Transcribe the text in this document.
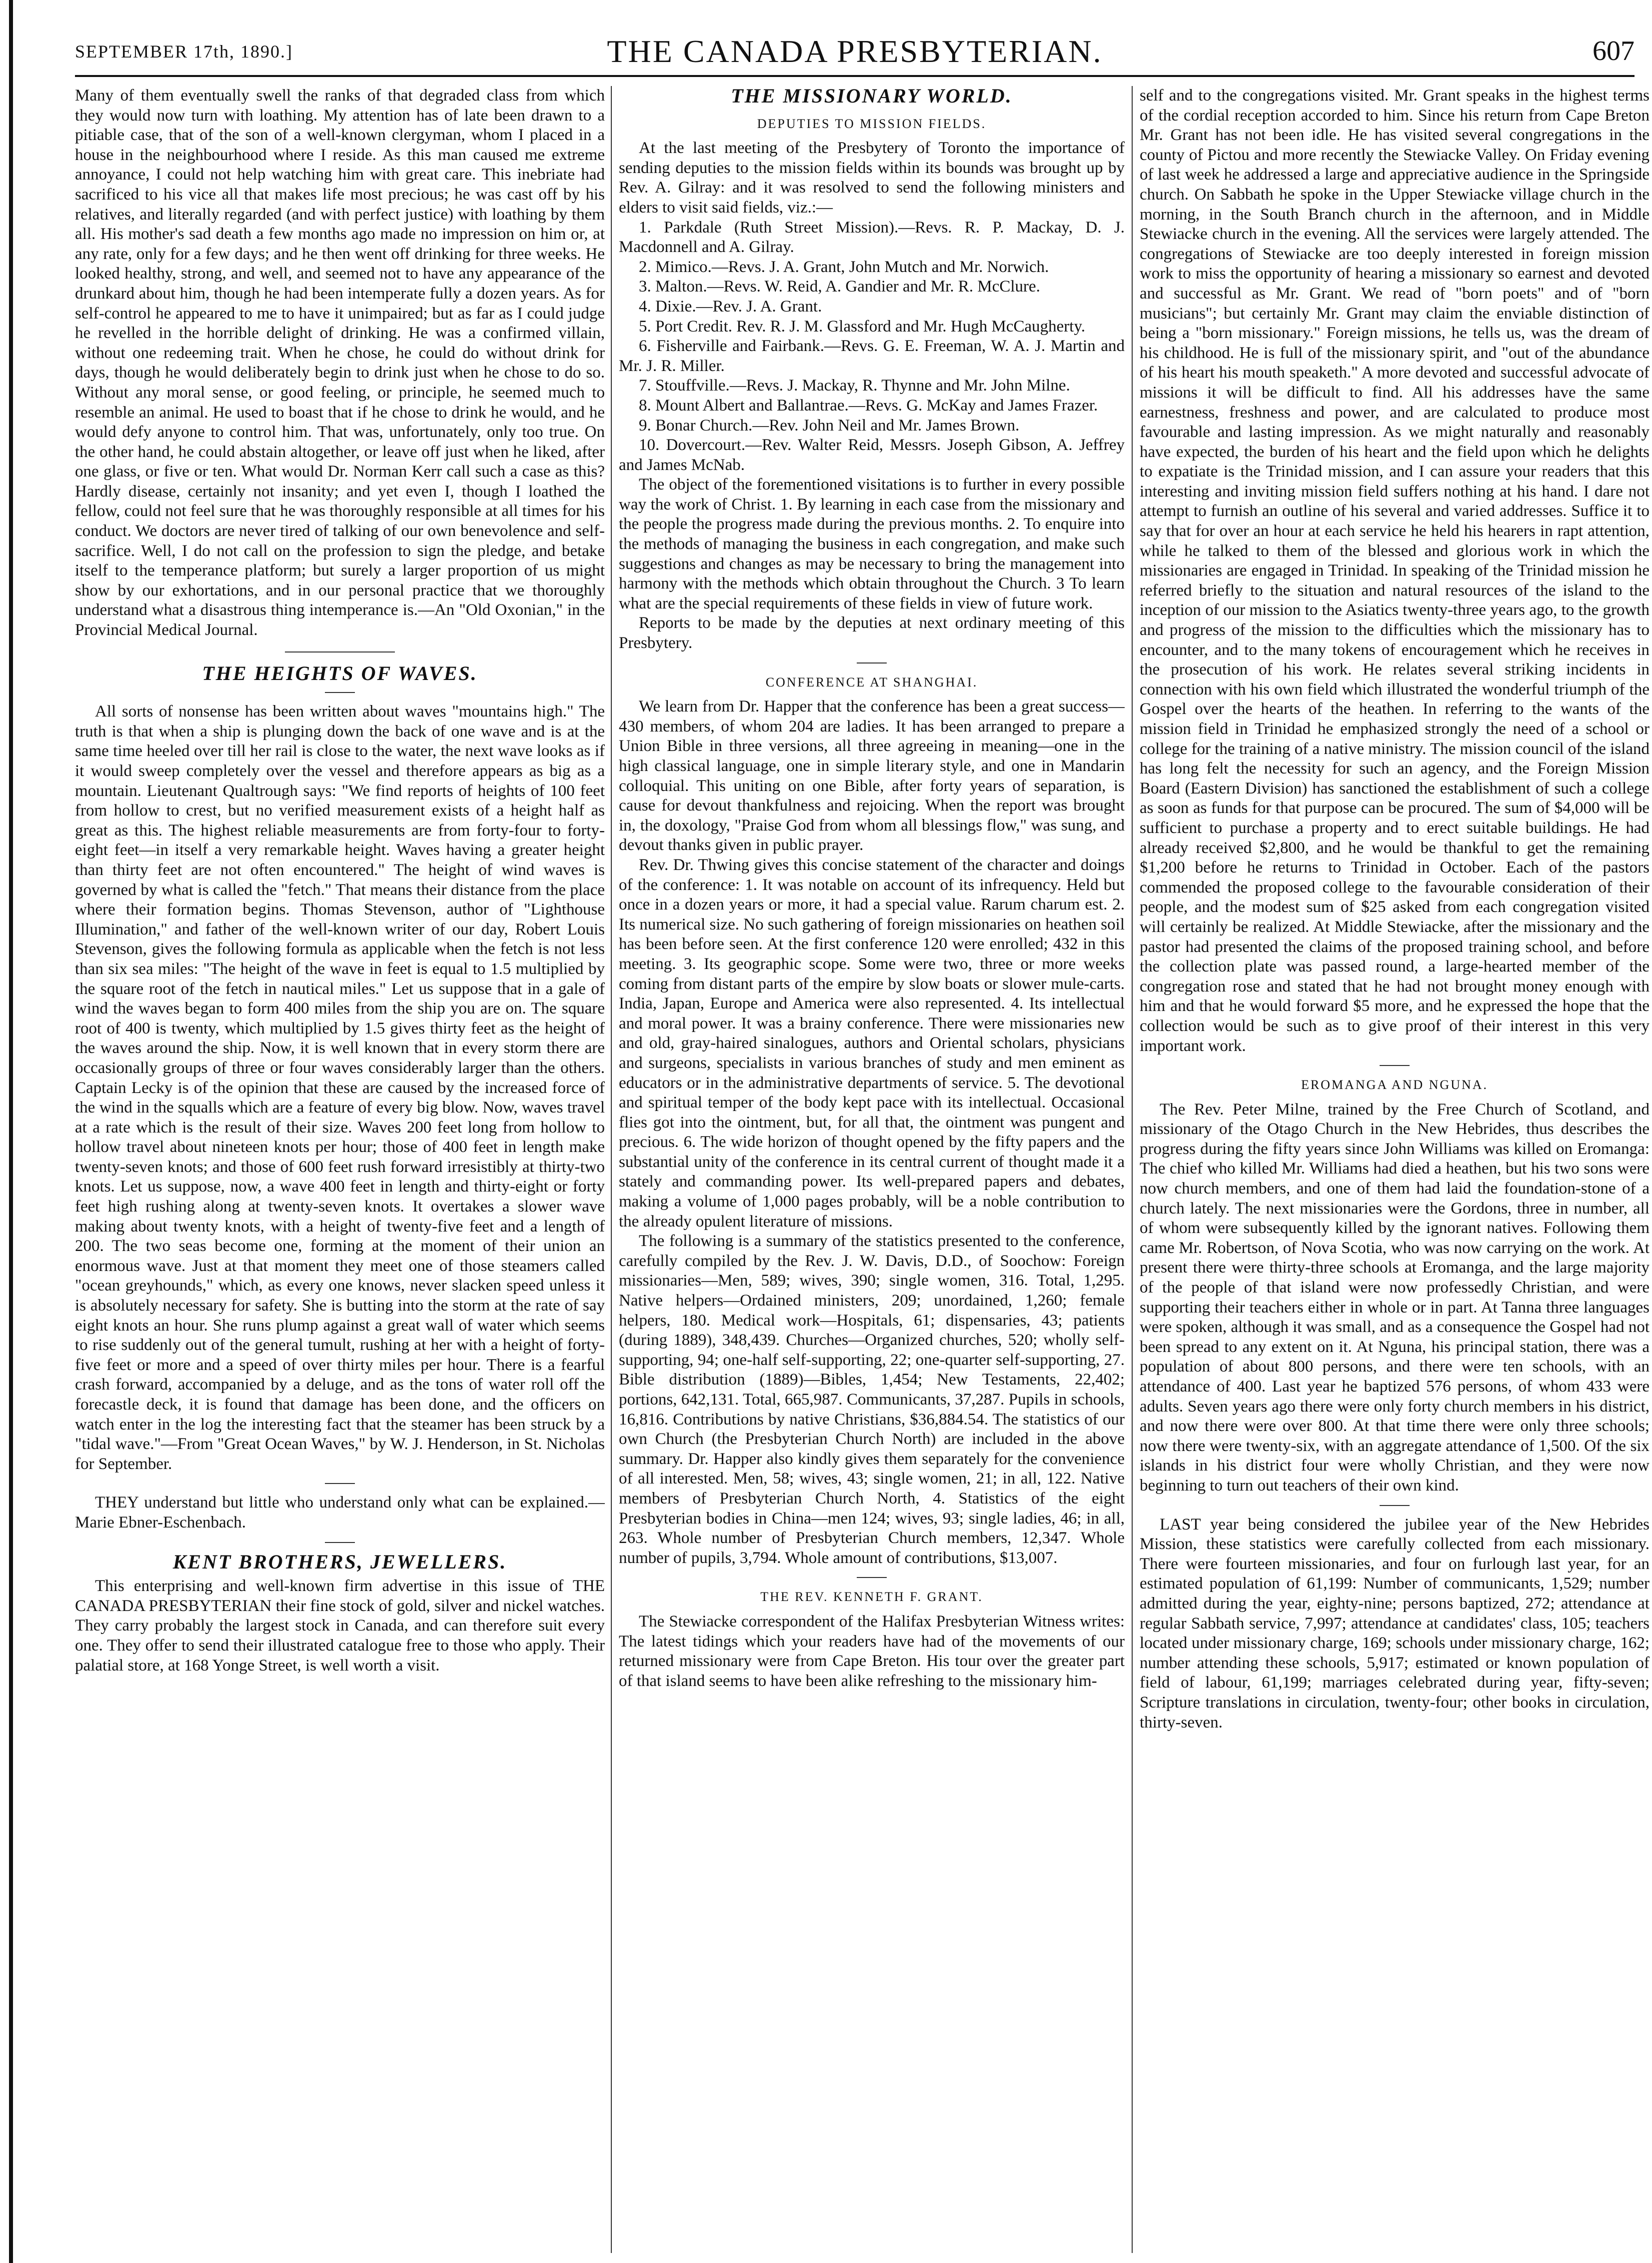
SEPTEMBER 17th, 1890.]	THE CANADA PRESBYTERIAN.	607

Many of them eventually swell the ranks of that degraded class from which they would now turn with loathing. My attention has of late been drawn to a pitiable case, that of the son of a well-known clergyman, whom I placed in a house in the neighbourhood where I reside. As this man caused me extreme annoyance, I could not help watching him with great care. This inebriate had sacrificed to his vice all that makes life most precious; he was cast off by his relatives, and literally regarded (and with perfect justice) with loathing by them all. His mother's sad death a few months ago made no impression on him or, at any rate, only for a few days; and he then went off drinking for three weeks. He looked healthy, strong, and well, and seemed not to have any appearance of the drunkard about him, though he had been intemperate fully a dozen years. As for self-control he appeared to me to have it unimpaired; but as far as I could judge he revelled in the horrible delight of drinking. He was a confirmed villain, without one redeeming trait. When he chose, he could do without drink for days, though he would deliberately begin to drink just when he chose to do so. Without any moral sense, or good feeling, or principle, he seemed much to resemble an animal. He used to boast that if he chose to drink he would, and he would defy anyone to control him. That was, unfortunately, only too true. On the other hand, he could abstain altogether, or leave off just when he liked, after one glass, or five or ten. What would Dr. Norman Kerr call such a case as this? Hardly disease, certainly not insanity; and yet even I, though I loathed the fellow, could not feel sure that he was thoroughly responsible at all times for his conduct. We doctors are never tired of talking of our own benevolence and self-sacrifice. Well, I do not call on the profession to sign the pledge, and betake itself to the temperance platform; but surely a larger proportion of us might show by our exhortations, and in our personal practice that we thoroughly understand what a disastrous thing intemperance is.—An "Old Oxonian," in the Provincial Medical Journal.

THE HEIGHTS OF WAVES.

All sorts of nonsense has been written about waves "mountains high." The truth is that when a ship is plunging down the back of one wave and is at the same time heeled over till her rail is close to the water, the next wave looks as if it would sweep completely over the vessel and therefore appears as big as a mountain. Lieutenant Qualtrough says: "We find reports of heights of 100 feet from hollow to crest, but no verified measurement exists of a height half as great as this. The highest reliable measurements are from forty-four to forty-eight feet—in itself a very remarkable height. Waves having a greater height than thirty feet are not often encountered." The height of wind waves is governed by what is called the "fetch." That means their distance from the place where their formation begins. Thomas Stevenson, author of "Lighthouse Illumination," and father of the well-known writer of our day, Robert Louis Stevenson, gives the following formula as applicable when the fetch is not less than six sea miles: "The height of the wave in feet is equal to 1.5 multiplied by the square root of the fetch in nautical miles." Let us suppose that in a gale of wind the waves began to form 400 miles from the ship you are on. The square root of 400 is twenty, which multiplied by 1.5 gives thirty feet as the height of the waves around the ship. Now, it is well known that in every storm there are occasionally groups of three or four waves considerably larger than the others. Captain Lecky is of the opinion that these are caused by the increased force of the wind in the squalls which are a feature of every big blow. Now, waves travel at a rate which is the result of their size. Waves 200 feet long from hollow to hollow travel about nineteen knots per hour; those of 400 feet in length make twenty-seven knots; and those of 600 feet rush forward irresistibly at thirty-two knots. Let us suppose, now, a wave 400 feet in length and thirty-eight or forty feet high rushing along at twenty-seven knots. It overtakes a slower wave making about twenty knots, with a height of twenty-five feet and a length of 200. The two seas become one, forming at the moment of their union an enormous wave. Just at that moment they meet one of those steamers called "ocean greyhounds," which, as every one knows, never slacken speed unless it is absolutely necessary for safety. She is butting into the storm at the rate of say eight knots an hour. She runs plump against a great wall of water which seems to rise suddenly out of the general tumult, rushing at her with a height of forty-five feet or more and a speed of over thirty miles per hour. There is a fearful crash forward, accompanied by a deluge, and as the tons of water roll off the forecastle deck, it is found that damage has been done, and the officers on watch enter in the log the interesting fact that the steamer has been struck by a "tidal wave."—From "Great Ocean Waves," by W. J. Henderson, in St. Nicholas for September.

THEY understand but little who understand only what can be explained.—Marie Ebner-Eschenbach.

KENT BROTHERS, JEWELLERS.

This enterprising and well-known firm advertise in this issue of THE CANADA PRESBYTERIAN their fine stock of gold, silver and nickel watches. They carry probably the largest stock in Canada, and can therefore suit every one. They offer to send their illustrated catalogue free to those who apply. Their palatial store, at 168 Yonge Street, is well worth a visit.

THE MISSIONARY WORLD.
DEPUTIES TO MISSION FIELDS.

At the last meeting of the Presbytery of Toronto the importance of sending deputies to the mission fields within its bounds was brought up by Rev. A. Gilray: and it was resolved to send the following ministers and elders to visit said fields, viz.:—

1. Parkdale (Ruth Street Mission).—Revs. R. P. Mackay, D. J. Macdonnell and A. Gilray.

2. Mimico.—Revs. J. A. Grant, John Mutch and Mr. Norwich.

3. Malton.—Revs. W. Reid, A. Gandier and Mr. R. McClure.

4. Dixie.—Rev. J. A. Grant.

5. Port Credit. Rev. R. J. M. Glassford and Mr. Hugh McCaugherty.

6. Fisherville and Fairbank.—Revs. G. E. Freeman, W. A. J. Martin and Mr. J. R. Miller.

7. Stouffville.—Revs. J. Mackay, R. Thynne and Mr. John Milne.

8. Mount Albert and Ballantrae.—Revs. G. McKay and James Frazer.

9. Bonar Church.—Rev. John Neil and Mr. James Brown.

10. Dovercourt.—Rev. Walter Reid, Messrs. Joseph Gibson, A. Jeffrey and James McNab.

The object of the forementioned visitations is to further in every possible way the work of Christ. 1. By learning in each case from the missionary and the people the progress made during the previous months. 2. To enquire into the methods of managing the business in each congregation, and make such suggestions and changes as may be necessary to bring the management into harmony with the methods which obtain throughout the Church. 3 To learn what are the special requirements of these fields in view of future work.

Reports to be made by the deputies at next ordinary meeting of this Presbytery.

CONFERENCE AT SHANGHAI.

We learn from Dr. Happer that the conference has been a great success—430 members, of whom 204 are ladies. It has been arranged to prepare a Union Bible in three versions, all three agreeing in meaning—one in the high classical language, one in simple literary style, and one in Mandarin colloquial. This uniting on one Bible, after forty years of separation, is cause for devout thankfulness and rejoicing. When the report was brought in, the doxology, "Praise God from whom all blessings flow," was sung, and devout thanks given in public prayer.

Rev. Dr. Thwing gives this concise statement of the character and doings of the conference: 1. It was notable on account of its infrequency. Held but once in a dozen years or more, it had a special value. Rarum charum est. 2. Its numerical size. No such gathering of foreign missionaries on heathen soil has been before seen. At the first conference 120 were enrolled; 432 in this meeting. 3. Its geographic scope. Some were two, three or more weeks coming from distant parts of the empire by slow boats or slower mule-carts. India, Japan, Europe and America were also represented. 4. Its intellectual and moral power. It was a brainy conference. There were missionaries new and old, gray-haired sinalogues, authors and Oriental scholars, physicians and surgeons, specialists in various branches of study and men eminent as educators or in the administrative departments of service. 5. The devotional and spiritual temper of the body kept pace with its intellectual. Occasional flies got into the ointment, but, for all that, the ointment was pungent and precious. 6. The wide horizon of thought opened by the fifty papers and the substantial unity of the conference in its central current of thought made it a stately and commanding power. Its well-prepared papers and debates, making a volume of 1,000 pages probably, will be a noble contribution to the already opulent literature of missions.

The following is a summary of the statistics presented to the conference, carefully compiled by the Rev. J. W. Davis, D.D., of Soochow: Foreign missionaries—Men, 589; wives, 390; single women, 316. Total, 1,295. Native helpers—Ordained ministers, 209; unordained, 1,260; female helpers, 180. Medical work—Hospitals, 61; dispensaries, 43; patients (during 1889), 348,439. Churches—Organized churches, 520; wholly self-supporting, 94; one-half self-supporting, 22; one-quarter self-supporting, 27. Bible distribution (1889)—Bibles, 1,454; New Testaments, 22,402; portions, 642,131. Total, 665,987. Communicants, 37,287. Pupils in schools, 16,816. Contributions by native Christians, $36,884.54. The statistics of our own Church (the Presbyterian Church North) are included in the above summary. Dr. Happer also kindly gives them separately for the convenience of all interested. Men, 58; wives, 43; single women, 21; in all, 122. Native members of Presbyterian Church North, 4. Statistics of the eight Presbyterian bodies in China—men 124; wives, 93; single ladies, 46; in all, 263. Whole number of Presbyterian Church members, 12,347. Whole number of pupils, 3,794. Whole amount of contributions, $13,007.

THE REV. KENNETH F. GRANT.

The Stewiacke correspondent of the Halifax Presbyterian Witness writes: The latest tidings which your readers have had of the movements of our returned missionary were from Cape Breton. His tour over the greater part of that island seems to have been alike refreshing to the missionary him-

self and to the congregations visited. Mr. Grant speaks in the highest terms of the cordial reception accorded to him. Since his return from Cape Breton Mr. Grant has not been idle. He has visited several congregations in the county of Pictou and more recently the Stewiacke Valley. On Friday evening of last week he addressed a large and appreciative audience in the Springside church. On Sabbath he spoke in the Upper Stewiacke village church in the morning, in the South Branch church in the afternoon, and in Middle Stewiacke church in the evening. All the services were largely attended. The congregations of Stewiacke are too deeply interested in foreign mission work to miss the opportunity of hearing a missionary so earnest and devoted and successful as Mr. Grant. We read of "born poets" and of "born musicians"; but certainly Mr. Grant may claim the enviable distinction of being a "born missionary." Foreign missions, he tells us, was the dream of his childhood. He is full of the missionary spirit, and "out of the abundance of his heart his mouth speaketh." A more devoted and successful advocate of missions it will be difficult to find. All his addresses have the same earnestness, freshness and power, and are calculated to produce most favourable and lasting impression. As we might naturally and reasonably have expected, the burden of his heart and the field upon which he delights to expatiate is the Trinidad mission, and I can assure your readers that this interesting and inviting mission field suffers nothing at his hand. I dare not attempt to furnish an outline of his several and varied addresses. Suffice it to say that for over an hour at each service he held his hearers in rapt attention, while he talked to them of the blessed and glorious work in which the missionaries are engaged in Trinidad. In speaking of the Trinidad mission he referred briefly to the situation and natural resources of the island to the inception of our mission to the Asiatics twenty-three years ago, to the growth and progress of the mission to the difficulties which the missionary has to encounter, and to the many tokens of encouragement which he receives in the prosecution of his work. He relates several striking incidents in connection with his own field which illustrated the wonderful triumph of the Gospel over the hearts of the heathen. In referring to the wants of the mission field in Trinidad he emphasized strongly the need of a school or college for the training of a native ministry. The mission council of the island has long felt the necessity for such an agency, and the Foreign Mission Board (Eastern Division) has sanctioned the establishment of such a college as soon as funds for that purpose can be procured. The sum of $4,000 will be sufficient to purchase a property and to erect suitable buildings. He had already received $2,800, and he would be thankful to get the remaining $1,200 before he returns to Trinidad in October. Each of the pastors commended the proposed college to the favourable consideration of their people, and the modest sum of $25 asked from each congregation visited will certainly be realized. At Middle Stewiacke, after the missionary and the pastor had presented the claims of the proposed training school, and before the collection plate was passed round, a large-hearted member of the congregation rose and stated that he had not brought money enough with him and that he would forward $5 more, and he expressed the hope that the collection would be such as to give proof of their interest in this very important work.

EROMANGA AND NGUNA.

The Rev. Peter Milne, trained by the Free Church of Scotland, and missionary of the Otago Church in the New Hebrides, thus describes the progress during the fifty years since John Williams was killed on Eromanga: The chief who killed Mr. Williams had died a heathen, but his two sons were now church members, and one of them had laid the foundation-stone of a church lately. The next missionaries were the Gordons, three in number, all of whom were subsequently killed by the ignorant natives. Following them came Mr. Robertson, of Nova Scotia, who was now carrying on the work. At present there were thirty-three schools at Eromanga, and the large majority of the people of that island were now professedly Christian, and were supporting their teachers either in whole or in part. At Tanna three languages were spoken, although it was small, and as a consequence the Gospel had not been spread to any extent on it. At Nguna, his principal station, there was a population of about 800 persons, and there were ten schools, with an attendance of 400. Last year he baptized 576 persons, of whom 433 were adults. Seven years ago there were only forty church members in his district, and now there were over 800. At that time there were only three schools; now there were twenty-six, with an aggregate attendance of 1,500. Of the six islands in his district four were wholly Christian, and they were now beginning to turn out teachers of their own kind.

LAST year being considered the jubilee year of the New Hebrides Mission, these statistics were carefully collected from each missionary. There were fourteen missionaries, and four on furlough last year, for an estimated population of 61,199: Number of communicants, 1,529; number admitted during the year, eighty-nine; persons baptized, 272; attendance at regular Sabbath service, 7,997; attendance at candidates' class, 105; teachers located under missionary charge, 169; schools under missionary charge, 162; number attending these schools, 5,917; estimated or known population of field of labour, 61,199; marriages celebrated during year, fifty-seven; Scripture translations in circulation, twenty-four; other books in circulation, thirty-seven.
